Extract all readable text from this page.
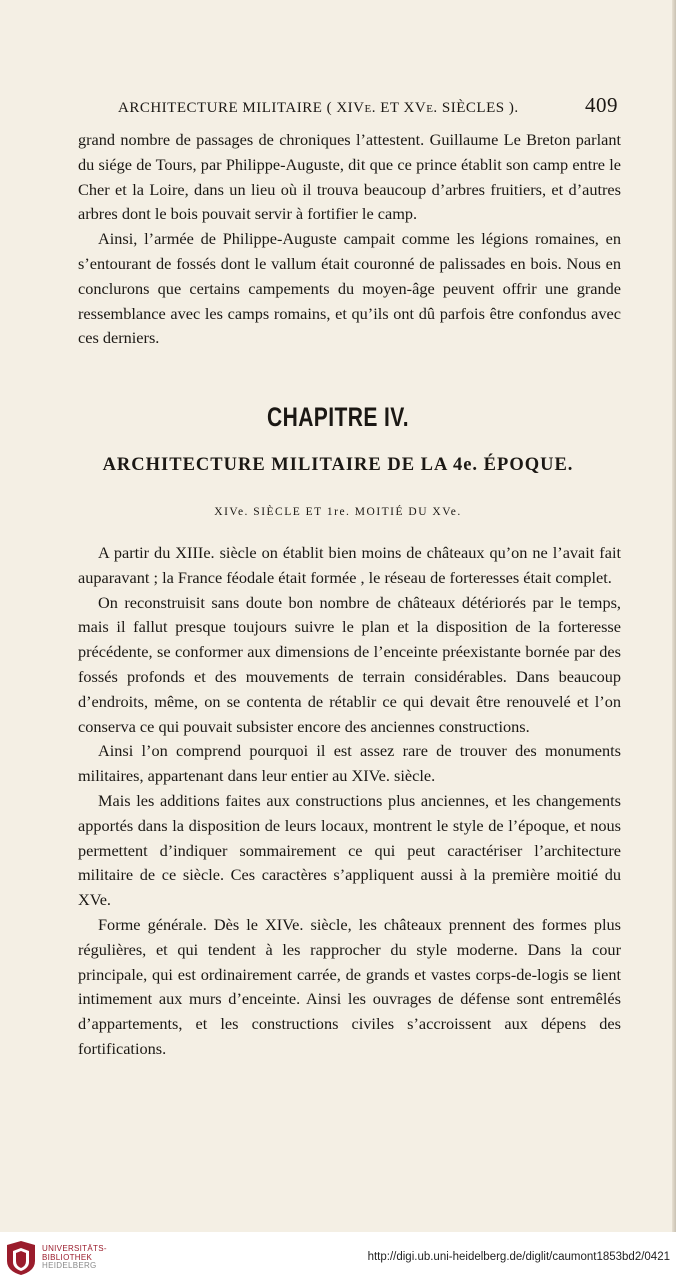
ARCHITECTURE MILITAIRE ( XIVe. ET XVe. SIÈCLES ).	409

grand nombre de passages de chroniques l’attestent. Guillaume Le Breton parlant du siége de Tours, par Philippe-Auguste, dit que ce prince établit son camp entre le Cher et la Loire, dans un lieu où il trouva beaucoup d’arbres fruitiers, et d’autres arbres dont le bois pouvait servir à fortifier le camp.

Ainsi, l’armée de Philippe-Auguste campait comme les légions romaines, en s’entourant de fossés dont le vallum était couronné de palissades en bois. Nous en conclurons que certains campements du moyen-âge peuvent offrir une grande ressemblance avec les camps romains, et qu’ils ont dû parfois être confondus avec ces derniers.

CHAPITRE IV.
ARCHITECTURE MILITAIRE DE LA 4e. ÉPOQUE.
XIVe. SIÈCLE ET 1re. MOITIÉ DU XVe.

A partir du XIIIe. siècle on établit bien moins de châteaux qu’on ne l’avait fait auparavant ; la France féodale était formée , le réseau de forteresses était complet.

On reconstruisit sans doute bon nombre de châteaux détériorés par le temps, mais il fallut presque toujours suivre le plan et la disposition de la forteresse précédente, se conformer aux dimensions de l’enceinte préexistante bornée par des fossés profonds et des mouvements de terrain considérables. Dans beaucoup d’endroits, même, on se contenta de rétablir ce qui devait être renouvelé et l’on conserva ce qui pouvait subsister encore des anciennes constructions.

Ainsi l’on comprend pourquoi il est assez rare de trouver des monuments militaires, appartenant dans leur entier au XIVe. siècle.

Mais les additions faites aux constructions plus anciennes, et les changements apportés dans la disposition de leurs locaux, montrent le style de l’époque, et nous permettent d’indiquer sommairement ce qui peut caractériser l’architecture militaire de ce siècle. Ces caractères s’appliquent aussi à la première moitié du XVe.

Forme générale. Dès le XIVe. siècle, les châteaux prennent des formes plus régulières, et qui tendent à les rapprocher du style moderne. Dans la cour principale, qui est ordinairement carrée, de grands et vastes corps-de-logis se lient intimement aux murs d’enceinte. Ainsi les ouvrages de défense sont entremêlés d’appartements, et les constructions civiles s’accroissent aux dépens des fortifications.

UNIVERSITÄTS-
BIBLIOTHEK
HEIDELBERG
http://digi.ub.uni-heidelberg.de/diglit/caumont1853bd2/0421
